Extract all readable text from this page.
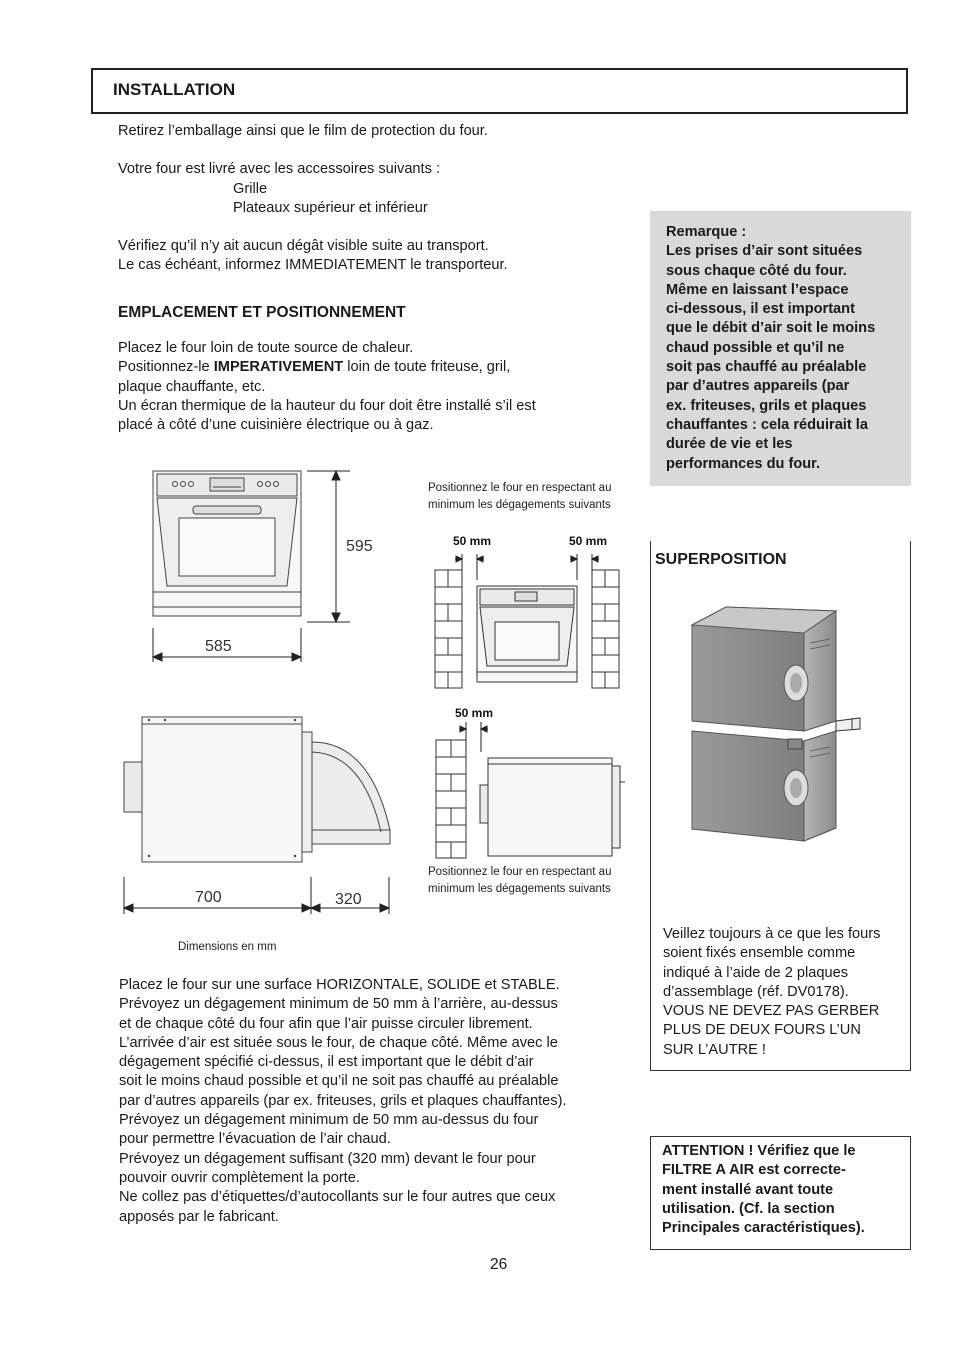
INSTALLATION
Retirez l’emballage ainsi que le film de protection du four.
Votre four est livré avec les accessoires suivants :
Grille
Plateaux supérieur et inférieur
Vérifiez qu’il n’y ait aucun dégât visible suite au transport.
Le cas échéant, informez IMMEDIATEMENT le transporteur.
EMPLACEMENT ET POSITIONNEMENT
Placez le four loin de toute source de chaleur.
Positionnez-le IMPERATIVEMENT loin de toute friteuse, gril,
plaque chauffante, etc.
Un écran thermique de la hauteur du four doit être installé s’il est
placé à côté d’une cuisinière électrique ou à gaz.
Remarque :
Les prises d’air sont situées
sous chaque côté du four.
Même en laissant l’espace
ci-dessous, il est important
que le débit d’air soit le moins
chaud possible et qu’il ne
soit pas chauffé au préalable
par d’autres appareils (par
ex. friteuses, grils et plaques
chauffantes : cela réduirait la
durée de vie et les
performances du four.
595
585
Positionnez le four en respectant au
minimum les dégagements suivants
50 mm	50 mm
700	320
50 mm
Positionnez le four en respectant au
minimum les dégagements suivants
Dimensions en mm
SUPERPOSITION
Veillez toujours à ce que les fours
soient fixés ensemble comme
indiqué à l’aide de 2 plaques
d’assemblage (réf. DV0178).
VOUS NE DEVEZ PAS GERBER
PLUS DE DEUX FOURS L’UN
SUR L’AUTRE !
Placez le four sur une surface HORIZONTALE, SOLIDE et STABLE.
Prévoyez un dégagement minimum de 50 mm à l’arrière, au-dessus
et de chaque côté du four afin que l’air puisse circuler librement.
L’arrivée d’air est située sous le four, de chaque côté. Même avec le
dégagement spécifié ci-dessus, il est important que le débit d’air
soit le moins chaud possible et qu’il ne soit pas chauffé au préalable
par d’autres appareils (par ex. friteuses, grils et plaques chauffantes).
Prévoyez un dégagement minimum de 50 mm au-dessus du four
pour permettre l’évacuation de l’air chaud.
Prévoyez un dégagement suffisant (320 mm) devant le four pour
pouvoir ouvrir complètement la porte.
Ne collez pas d’étiquettes/d’autocollants sur le four autres que ceux
apposés par le fabricant.
ATTENTION ! Vérifiez que le
FILTRE A AIR est correcte-
ment installé avant toute
utilisation. (Cf. la section
Principales caractéristiques).
26
